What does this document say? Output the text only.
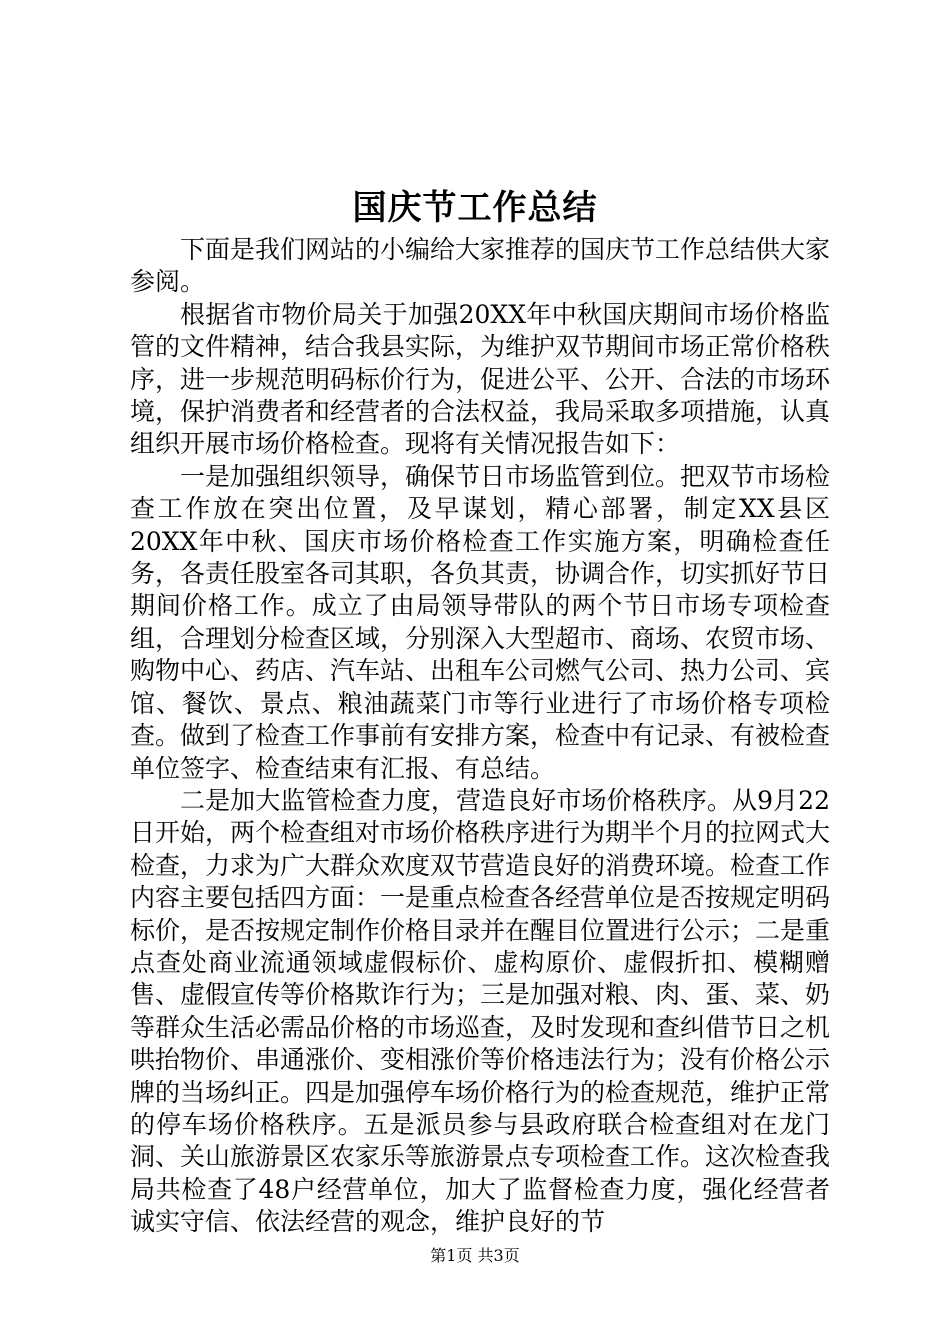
国庆节工作总结

下面是我们网站的小编给大家推荐的国庆节工作总结供大家参阅。

根据省市物价局关于加强20XX年中秋国庆期间市场价格监管的文件精神，结合我县实际，为维护双节期间市场正常价格秩序，进一步规范明码标价行为，促进公平、公开、合法的市场环境，保护消费者和经营者的合法权益，我局采取多项措施，认真组织开展市场价格检查。现将有关情况报告如下：

一是加强组织领导，确保节日市场监管到位。把双节市场检查工作放在突出位置，及早谋划，精心部署，制定XX县区20XX年中秋、国庆市场价格检查工作实施方案，明确检查任务，各责任股室各司其职，各负其责，协调合作，切实抓好节日期间价格工作。成立了由局领导带队的两个节日市场专项检查组，合理划分检查区域，分别深入大型超市、商场、农贸市场、购物中心、药店、汽车站、出租车公司燃气公司、热力公司、宾馆、餐饮、景点、粮油蔬菜门市等行业进行了市场价格专项检查。做到了检查工作事前有安排方案，检查中有记录、有被检查单位签字、检查结束有汇报、有总结。

二是加大监管检查力度，营造良好市场价格秩序。从9月22日开始，两个检查组对市场价格秩序进行为期半个月的拉网式大检查，力求为广大群众欢度双节营造良好的消费环境。检查工作内容主要包括四方面：一是重点检查各经营单位是否按规定明码标价，是否按规定制作价格目录并在醒目位置进行公示；二是重点查处商业流通领域虚假标价、虚构原价、虚假折扣、模糊赠售、虚假宣传等价格欺诈行为；三是加强对粮、肉、蛋、菜、奶等群众生活必需品价格的市场巡查，及时发现和查纠借节日之机哄抬物价、串通涨价、变相涨价等价格违法行为；没有价格公示牌的当场纠正。四是加强停车场价格行为的检查规范，维护正常的停车场价格秩序。五是派员参与县政府联合检查组对在龙门洞、关山旅游景区农家乐等旅游景点专项检查工作。这次检查我局共检查了48户经营单位，加大了监督检查力度，强化经营者诚实守信、依法经营的观念，维护良好的节

第1页 共3页
